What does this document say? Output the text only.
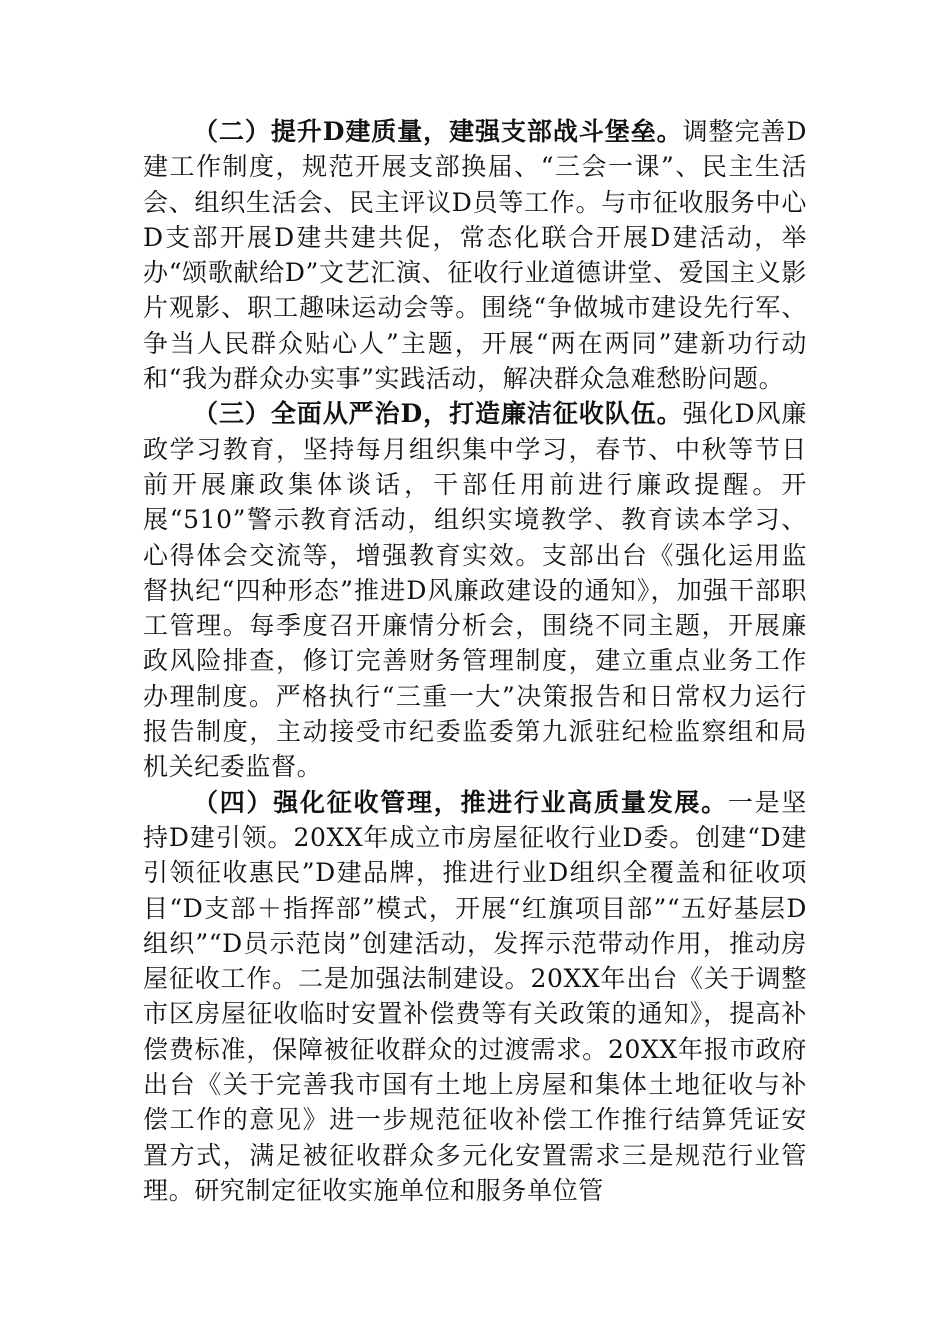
（二）提升D建质量，建强支部战斗堡垒。调整完善D建工作制度，规范开展支部换届、“三会一课”、民主生活会、组织生活会、民主评议D员等工作。与市征收服务中心D支部开展D建共建共促，常态化联合开展D建活动，举办“颂歌献给D”文艺汇演、征收行业道德讲堂、爱国主义影片观影、职工趣味运动会等。围绕“争做城市建设先行军、争当人民群众贴心人”主题，开展“两在两同”建新功行动和“我为群众办实事”实践活动，解决群众急难愁盼问题。

（三）全面从严治D，打造廉洁征收队伍。强化D风廉政学习教育，坚持每月组织集中学习，春节、中秋等节日前开展廉政集体谈话，干部任用前进行廉政提醒。开展“510”警示教育活动，组织实境教学、教育读本学习、心得体会交流等，增强教育实效。支部出台《强化运用监督执纪“四种形态”推进D风廉政建设的通知》，加强干部职工管理。每季度召开廉情分析会，围绕不同主题，开展廉政风险排查，修订完善财务管理制度，建立重点业务工作办理制度。严格执行“三重一大”决策报告和日常权力运行报告制度，主动接受市纪委监委第九派驻纪检监察组和局机关纪委监督。

（四）强化征收管理，推进行业高质量发展。一是坚持D建引领。20XX年成立市房屋征收行业D委。创建“D建引领征收惠民”D建品牌，推进行业D组织全覆盖和征收项目“D支部＋指挥部”模式，开展“红旗项目部”“五好基层D组织”“D员示范岗”创建活动，发挥示范带动作用，推动房屋征收工作。二是加强法制建设。20XX年出台《关于调整市区房屋征收临时安置补偿费等有关政策的通知》，提高补偿费标准，保障被征收群众的过渡需求。20XX年报市政府出台《关于完善我市国有土地上房屋和集体土地征收与补偿工作的意见》进一步规范征收补偿工作推行结算凭证安置方式，满足被征收群众多元化安置需求三是规范行业管理。研究制定征收实施单位和服务单位管
